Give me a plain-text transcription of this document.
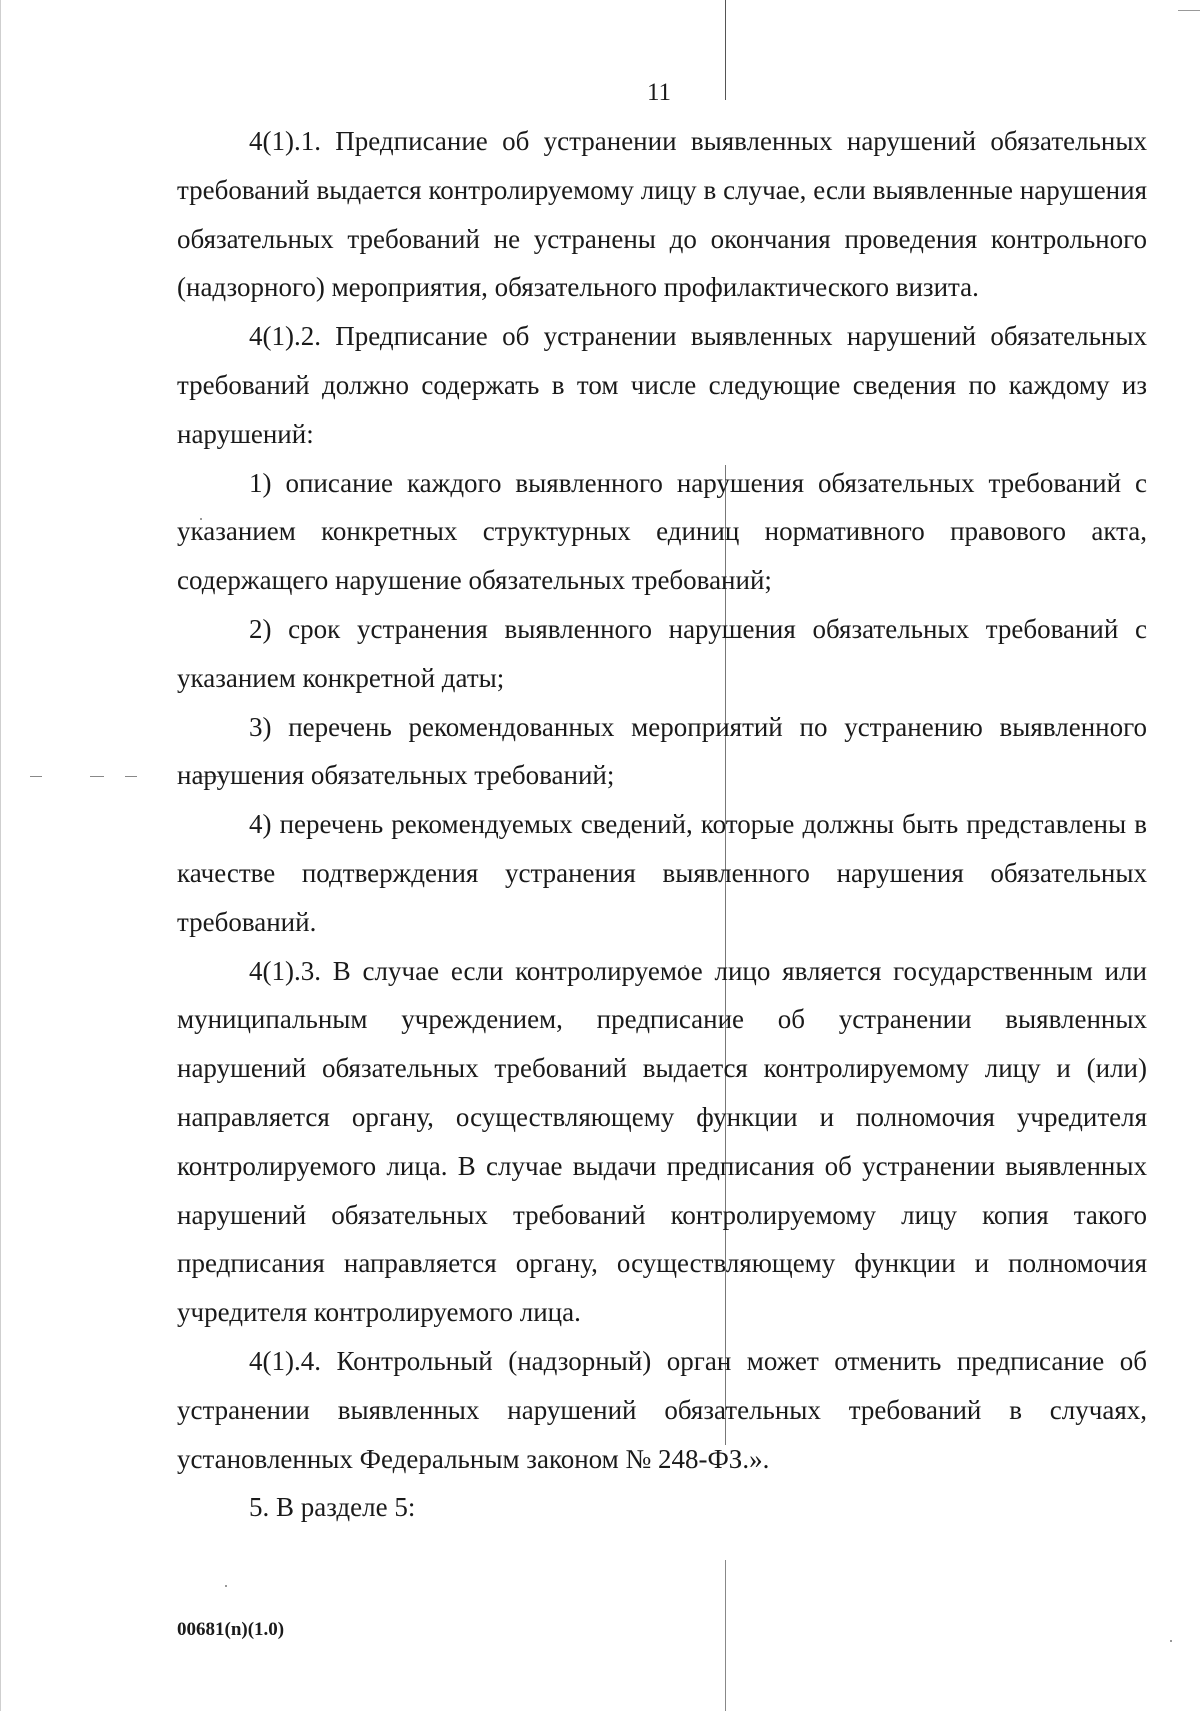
11

4(1).1. Предписание об устранении выявленных нарушений обязательных требований выдается контролируемому лицу в случае, если выявленные нарушения обязательных требований не устранены до окончания проведения контрольного (надзорного) мероприятия, обязательного профилактического визита.

4(1).2. Предписание об устранении выявленных нарушений обязательных требований должно содержать в том числе следующие сведения по каждому из нарушений:

1) описание каждого выявленного нарушения обязательных требований с указанием конкретных структурных единиц нормативного правового акта, содержащего нарушение обязательных требований;

2) срок устранения выявленного нарушения обязательных требований с указанием конкретной даты;

3) перечень рекомендованных мероприятий по устранению выявленного нарушения обязательных требований;

4) перечень рекомендуемых сведений, которые должны быть представлены в качестве подтверждения устранения выявленного нарушения обязательных требований.

4(1).3. В случае если контролируемое лицо является государственным или муниципальным учреждением, предписание об устранении выявленных нарушений обязательных требований выдается контролируемому лицу и (или) направляется органу, осуществляющему функции и полномочия учредителя контролируемого лица. В случае выдачи предписания об устранении выявленных нарушений обязательных требований контролируемому лицу копия такого предписания направляется органу, осуществляющему функции и полномочия учредителя контролируемого лица.

4(1).4. Контрольный (надзорный) орган может отменить предписание об устранении выявленных нарушений обязательных требований в случаях, установленных Федеральным законом № 248-ФЗ.».

5. В разделе 5:

00681(n)(1.0)
